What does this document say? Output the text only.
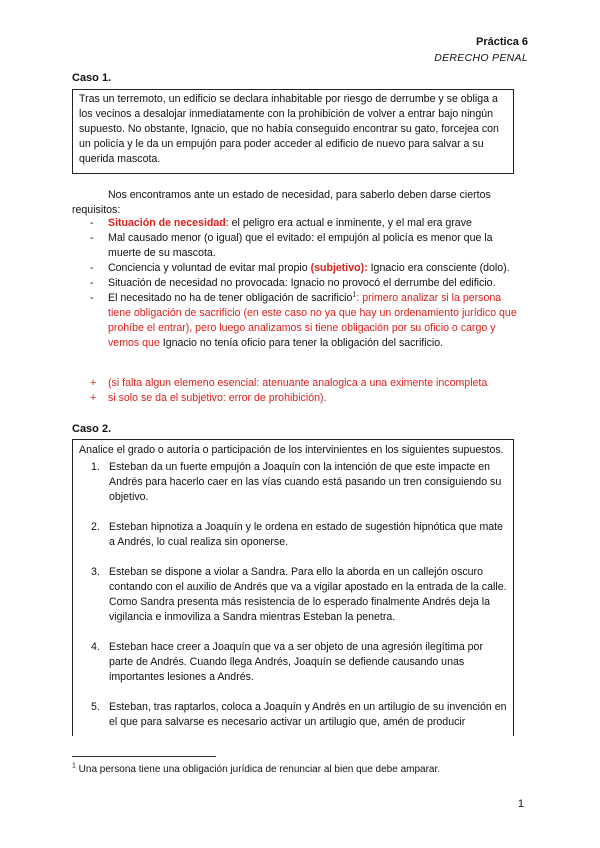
Práctica 6
DERECHO PENAL
Caso 1.
Tras un terremoto, un edificio se declara inhabitable por riesgo de derrumbe y se obliga a los vecinos a desalojar inmediatamente con la prohibición de volver a entrar bajo ningún supuesto. No obstante, Ignacio, que no había conseguido encontrar su gato, forcejea con un policía y le da un empujón para poder acceder al edificio de nuevo para salvar a su querida mascota.
Nos encontramos ante un estado de necesidad, para saberlo deben darse ciertos requisitos:
- Situación de necesidad: el peligro era actual e inminente, y el mal era grave
- Mal causado menor (o igual) que el evitado: el empujón al policía es menor que la muerte de su mascota.
- Conciencia y voluntad de evitar mal propio (subjetivo): Ignacio era consciente (dolo).
- Situación de necesidad no provocada: Ignacio no provocó el derrumbe del edificio.
- El necesitado no ha de tener obligación de sacrificio$^1$: primero analizar si la persona tiene obligación de sacrificio (en este caso no ya que hay un ordenamiento jurídico que prohíbe el entrar), pero luego analizamos si tiene obligación por su oficio o cargo y vemos que Ignacio no tenía oficio para tener la obligación del sacrificio.
+ (si falta algun elemeno esencial: atenuante analogica a una eximente incompleta
+ si solo se da el subjetivo: error de prohibición).
Caso 2.
Analice el grado o autoría o participación de los intervinientes en los siguientes supuestos.
1. Esteban da un fuerte empujón a Joaquín con la intención de que este impacte en Andrés para hacerlo caer en las vías cuando está pasando un tren consiguiendo su objetivo.
2. Esteban hipnotiza a Joaquín y le ordena en estado de sugestión hipnótica que mate a Andrés, lo cual realiza sin oponerse.
3. Esteban se dispone a violar a Sandra. Para ello la aborda en un callejón oscuro contando con el auxilio de Andrés que va a vigilar apostado en la entrada de la calle. Como Sandra presenta más resistencia de lo esperado finalmente Andrés deja la vigilancia e inmoviliza a Sandra mientras Esteban la penetra.
4. Esteban hace creer a Joaquín que va a ser objeto de una agresión ilegítima por parte de Andrés. Cuando llega Andrés, Joaquín se defiende causando unas importantes lesiones a Andrés.
5. Esteban, tras raptarlos, coloca a Joaquín y Andrés en un artilugio de su invención en el que para salvarse es necesario activar un artilugio que, amén de producir
$^1$ Una persona tiene una obligación jurídica de renunciar al bien que debe amparar.
1
